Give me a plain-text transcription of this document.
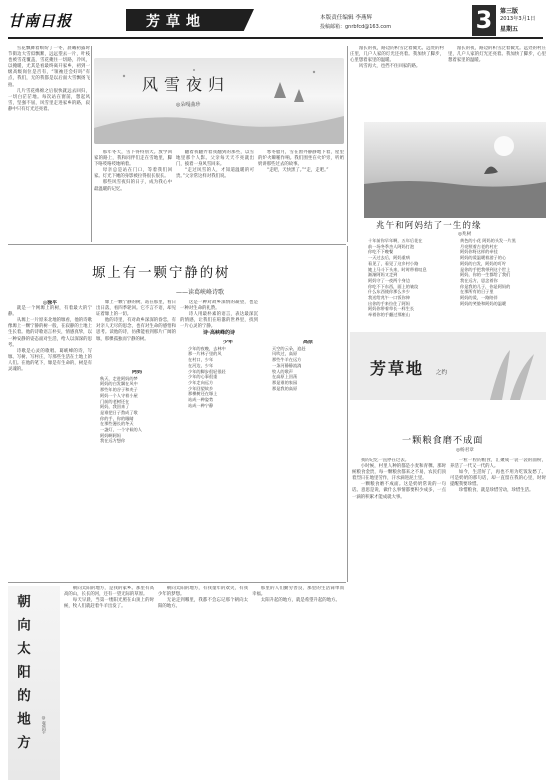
甘南日报	芳草地	本版责任编辑 李燕辉
投稿邮箱：gnrbfcd@163.com	3	第三版
2013年3月1日
星期五
风雪夜归
◎朵嘎曲珍

雪花飘舞着缤纷了一冬，晨曦初露时节街边大雪似飘絮，远远望去一片，叶枝也被雪花覆盖，雪花掩住一切路，冷风，以掩暖，尤其是看最终离开家乡，初到一级高级岗位是否有，“领袖还会好吗”有点，我们，无的我都是以后面大雪飘扬飞拍。

几片雪花绵绵之后很快就远去回归，一切白茫茫地。每次站在窗前，想起风雪，坚强不屈，风雪里走进家乡的路，寂静中只有灯光还亮着。

那年冬天，雪下得特别大。放学回家的路上，我和同伴们走在雪地里，脚下咯吱咯吱地响着。

母亲总是站在门口，等着我们回家。灯光下她的身影被拉得很长很长。

那些风雪夜归的日子，成为我心中最温暖的记忆。

翻着我翻弄着我翻到的那些，以雪地里那个人影。父亲每天天不亮就出门，披着一身风雪回来。

“走过风雪的人，才知道温暖的可贵。”父亲常这样对我们说。

寒冬腊月，雪在窗外静静地下着，屋里的炉火噼啪作响。我们围坐在火炉旁，听奶奶讲那些过去的故事。

“走吧，天快黑了。”“走，走吧。”

漫长的夜，路边的积雪泛着微光。远处的村庄里，几户人家的灯光还亮着。我加快了脚步，心里想着家里的温暖。

风雪再大，也挡不住回家的路。

漫长的夜，路边的积雪泛着微光。远处的村庄里，几户人家的灯光还亮着。我加快了脚步，心里想着家里的温暖。

兆午和阿妈结了一生的缘
◎兆树
十年前你早年啊，五年后花在
前一场冬季杰人阿妈打泡
你吃不下晚餐
一天过去后，阿妈重病
看见了，看见了这乡村小路
她上马斗下头来，时时带着叹息
渐渐阿妈又走到
阿妈守了一夜两个身边
你吃不下东西，面上的皱纹
什么东西使你那么多少
我送给兆午一口饭你伸
出你的手来拉住了阿妈
阿妈你带着草长一样生长
牵着你的手翻过那座山
黄色的小花 阿妈的头发一片黑
月亮照着古老的村庄
阿妈你呀这样的牵挂
阿妈的爱温暖着游子的心
阿妈的白发，阿妈的叮咛
是你的手把我带到这个世上
阿妈，你的一生都给了我们
我在远方，思念着你
你是我的儿子，你是阿妈的
在那所有的日子里
阿妈的爱，一路陪伴
阿妈的笑脸和阿妈的温暖
塬上有一颗宁静的树
——读葛峡峰诗歌
◎徐平

就是一个网塬上的树，有着最大的宁静。

从塬上一片原来北地的塬看，他的诗歌像塬上一颗宁静的树一般，在寂静的土地上生长着。他的诗歌语言朴实，情感真挚，以一种安静的姿态面对生活，给人以深深的思考。

诗歌是心灵的歌唱。葛峡峰的诗，写塬、写树、写村庄，写那些生活在土地上的人们。在他的笔下，塬是有生命的，树是有灵魂的。

塬上一颗宁静的树，站在那里，看日出日落，看四季轮回。它不言不语，却见证着塬上的一切。

他的诗里，有对故乡深深的眷恋，有对亲人无尽的思念，也有对生命的感悟和思考。读他的诗，仿佛能看到那片广阔的塬，那棵孤独而宁静的树。

这是一种对故乡深情的凝望，也是一种对生命的礼赞。

诗人用最朴素的语言，表达最深沉的情感，让我们在喧嚣的世界里，找到一片心灵的宁静。

诗·高峡峰的诗
阿妈
秋天，走进阿妈的梦
阿妈的白发飘在风中
那些年的谷子和麦子
阿妈一个人守着小屋
门前的老树还在
阿妈，我回来了
是谁把日子熬成了歌
你的手，你的眼睛
在那些漫长的冬天
一盏灯，一个守候的人
阿妈啊阿妈
我在远方想你
少年
少年的夜晚，去林中
那一片林子里的风
在村口，少年
在河边，少年
少年的脚步很轻很轻
少年的心事很重
少年走向远方
少年回望故乡
那棵树还在塬上
站成一种姿势
站成一种宁静
高原
天空的云朵，追赶
风吹过，高原
那些牛羊在远方
一条河静静流淌
牧人的歌声
在高原上回荡
那是谁的家园
那是我的高原
芳草地 之约
一颗粮食磨不成面
◎杨君章

我的记忆一直停在过去。

小时候，村里人种的都是小麦和青稞。那时候粮食金贵，每一颗粮食都来之不易，农民们顶着烈日在地里劳作，汗水滴进泥土里。

一颗粮食磨不成面。这是奶奶常说的一句话。意思是说，做什么事情都要积少成多，一点一滴的积累才能成就大事。

一粒一粒的粮食，汇聚成一袋一袋的面粉，养活了一代又一代的人。

如今，生活好了，再也不用为吃饭发愁了。可是奶奶的那句话，却一直留在我的心里，时时提醒我要珍惜。

珍惜粮食，就是珍惜劳动，珍惜生活。

朝向太阳的地方	◎张浩宇

朝向太阳的地方，是我的家乡。那里有高高的山，长长的河，还有一望无际的草原。

每天早晨，当第一缕阳光照在山顶上的时候，牧人们就赶着牛羊出发了。

朝向太阳的地方，有我童年的欢笑，有我少年的梦想。

无论走到哪里，我都不会忘记那个朝向太阳的地方。

那里的人们勤劳善良，那里的生活简单而幸福。

太阳升起的地方，就是希望升起的地方。
